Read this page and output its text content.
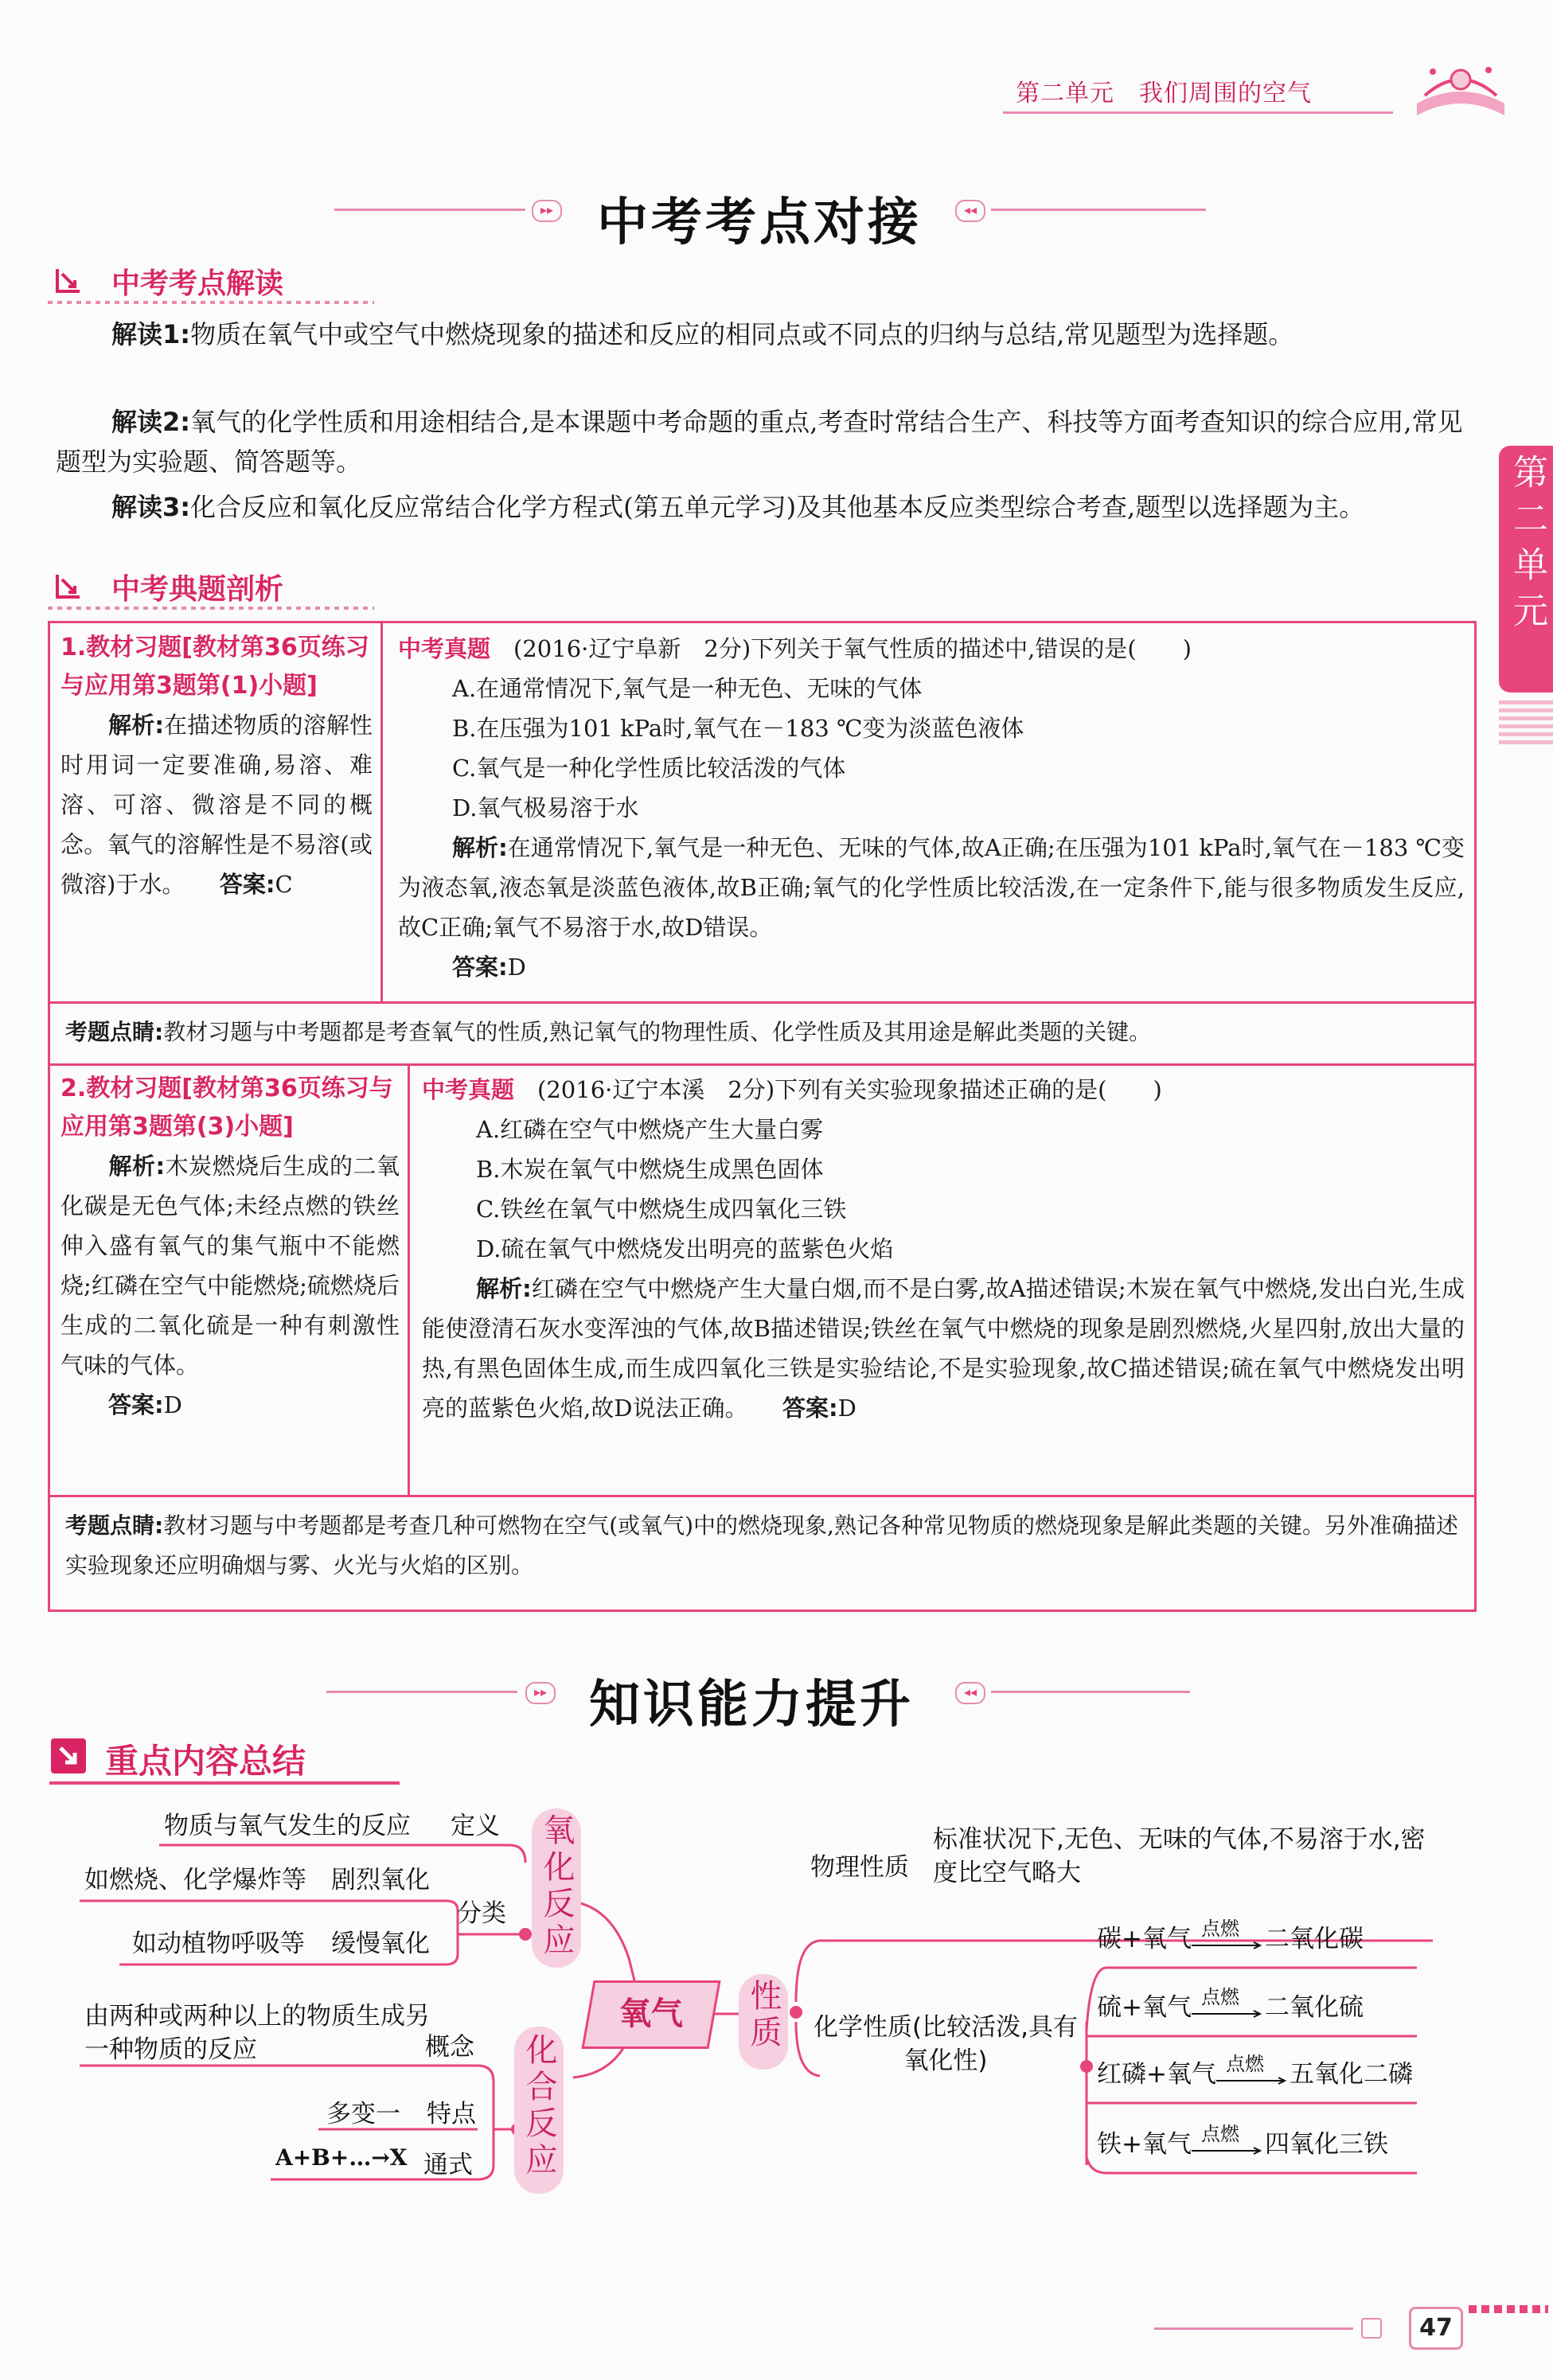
第二单元　我们周围的空气
第二单元
▸▸ 中考考点对接	◂◂
中考考点解读
解读1:物质在氧气中或空气中燃烧现象的描述和反应的相同点或不同点的归纳与总结,常见题型为选择题。
解读2:氧气的化学性质和用途相结合,是本课题中考命题的重点,考查时常结合生产、科技等方面考查知识的综合应用,常见题型为实验题、简答题等。
解读3:化合反应和氧化反应常结合化学方程式(第五单元学习)及其他基本反应类型综合考查,题型以选择题为主。
中考典题剖析
1.教材习题[教材第36页练习与应用第3题第(1)小题]
解析:在描述物质的溶解性时用词一定要准确,易溶、难溶、可溶、微溶是不同的概念。氧气的溶解性是不易溶(或微溶)于水。　　 答案:C
中考真题　 (2016·辽宁阜新　2分)下列关于氧气性质的描述中,错误的是(　　)
A.在通常情况下,氧气是一种无色、无味的气体
B.在压强为101 kPa时,氧气在－183 ℃变为淡蓝色液体
C.氧气是一种化学性质比较活泼的气体
D.氧气极易溶于水
解析:在通常情况下,氧气是一种无色、无味的气体,故A正确;在压强为101 kPa时,氧气在－183 ℃变为液态氧,液态氧是淡蓝色液体,故B正确;氧气的化学性质比较活泼,在一定条件下,能与很多物质发生反应,故C正确;氧气不易溶于水,故D错误。
答案:D
考题点睛:教材习题与中考题都是考查氧气的性质,熟记氧气的物理性质、化学性质及其用途是解此类题的关键。
2.教材习题[教材第36页练习与应用第3题第(3)小题]
解析:木炭燃烧后生成的二氧化碳是无色气体;未经点燃的铁丝伸入盛有氧气的集气瓶中不能燃烧;红磷在空气中能燃烧;硫燃烧后生成的二氧化硫是一种有刺激性气味的气体。
答案:D
中考真题　 (2016·辽宁本溪　2分)下列有关实验现象描述正确的是(　　)
A.红磷在空气中燃烧产生大量白雾
B.木炭在氧气中燃烧生成黑色固体
C.铁丝在氧气中燃烧生成四氧化三铁
D.硫在氧气中燃烧发出明亮的蓝紫色火焰
解析:红磷在空气中燃烧产生大量白烟,而不是白雾,故A描述错误;木炭在氧气中燃烧,发出白光,生成能使澄清石灰水变浑浊的气体,故B描述错误;铁丝在氧气中燃烧的现象是剧烈燃烧,火星四射,放出大量的热,有黑色固体生成,而生成四氧化三铁是实验结论,不是实验现象,故C描述错误;硫在氧气中燃烧发出明亮的蓝紫色火焰,故D说法正确。　　 答案:D
考题点睛:教材习题与中考题都是考查几种可燃物在空气(或氧气)中的燃烧现象,熟记各种常见物质的燃烧现象是解此类题的关键。另外准确描述实验现象还应明确烟与雾、火光与火焰的区别。
▸▸ 知识能力提升	◂◂
重点内容总结
氧化反应
物质与氧气发生的反应 定义
如燃烧、化学爆炸等 剧烈氧化
分类
如动植物呼吸等 缓慢氧化
氧气
化合反应
由两种或两种以上的物质生成另一种物质的反应	概念
多变一 特点
A+B+…→X 通式
性质
物理性质
标准状况下,无色、无味的气体,不易溶于水,密度比空气略大
化学性质(比较活泼,具有氧化性)
碳+氧气 点燃 二氧化碳
硫+氧气 点燃 二氧化硫
红磷+氧气 点燃 五氧化二磷
铁+氧气 点燃 四氧化三铁
47
